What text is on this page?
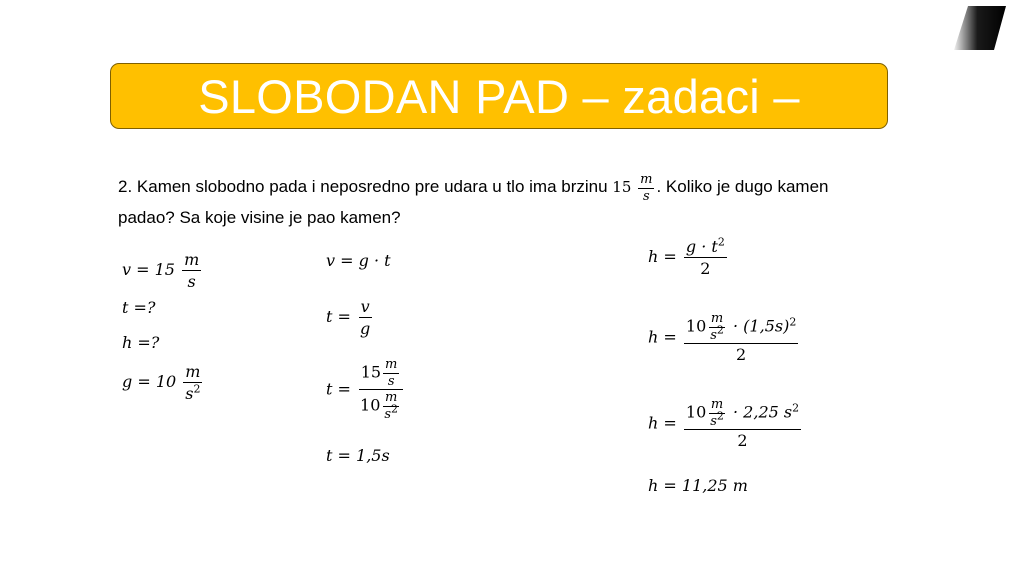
SLOBODAN PAD – zadaci –
2. Kamen slobodno pada i neposredno pre udara u tlo ima brzinu $15 \frac{m}{s}$ . Koliko je dugo kamen padao? Sa koje visine je pao kamen?
$v = 15 \frac{m}{s}$
t =?
h =?
$g = 10 \frac{m}{s^2}$
v = g · t
$t = \frac{v}{g}$
$t = \frac{15 \frac{m}{s}}{10 \frac{m}{s^2}}$
t = 1,5s
$h = \frac{g \cdot t^2}{2}$
$h = \frac{10 \frac{m}{s^2} \cdot (1,5s)^2}{2}$
$h = \frac{10 \frac{m}{s^2} \cdot 2,25 s^2}{2}$
h = 11,25 m
